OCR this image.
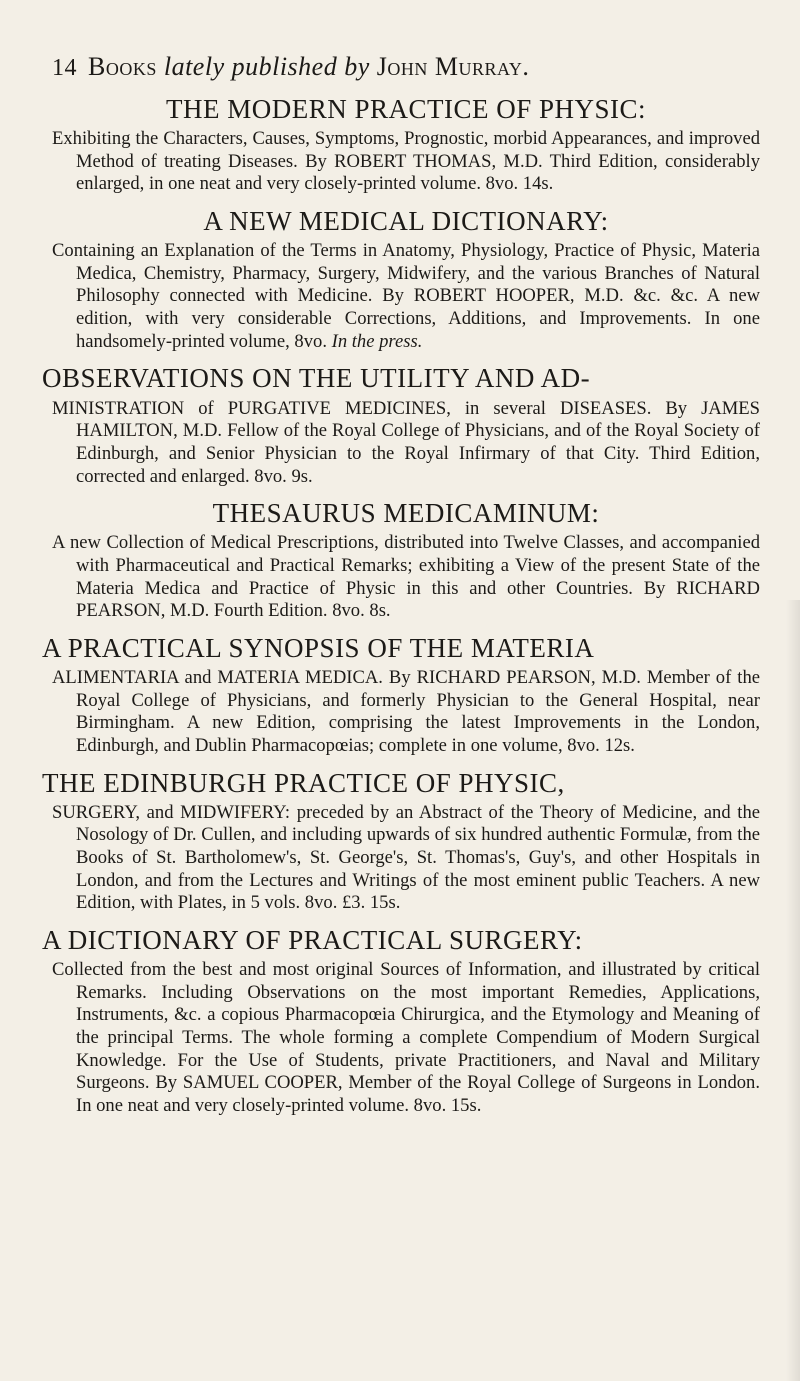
14 Books lately published by John Murray.
THE MODERN PRACTICE OF PHYSIC:
Exhibiting the Characters, Causes, Symptoms, Prognostic, morbid Appearances, and improved Method of treating Diseases. By ROBERT THOMAS, M.D. Third Edition, considerably enlarged, in one neat and very closely-printed volume. 8vo. 14s.
A NEW MEDICAL DICTIONARY:
Containing an Explanation of the Terms in Anatomy, Physiology, Practice of Physic, Materia Medica, Chemistry, Pharmacy, Surgery, Midwifery, and the various Branches of Natural Philosophy connected with Medicine. By ROBERT HOOPER, M.D. &c. &c. A new edition, with very considerable Corrections, Additions, and Improvements. In one handsomely-printed volume, 8vo. In the press.
OBSERVATIONS ON THE UTILITY AND AD-
MINISTRATION of PURGATIVE MEDICINES, in several DISEASES. By JAMES HAMILTON, M.D. Fellow of the Royal College of Physicians, and of the Royal Society of Edinburgh, and Senior Physician to the Royal Infirmary of that City. Third Edition, corrected and enlarged. 8vo. 9s.
THESAURUS MEDICAMINUM:
A new Collection of Medical Prescriptions, distributed into Twelve Classes, and accompanied with Pharmaceutical and Practical Remarks; exhibiting a View of the present State of the Materia Medica and Practice of Physic in this and other Countries. By RICHARD PEARSON, M.D. Fourth Edition. 8vo. 8s.
A PRACTICAL SYNOPSIS OF THE MATERIA
ALIMENTARIA and MATERIA MEDICA. By RICHARD PEARSON, M.D. Member of the Royal College of Physicians, and formerly Physician to the General Hospital, near Birmingham. A new Edition, comprising the latest Improvements in the London, Edinburgh, and Dublin Pharmacopœias; complete in one volume, 8vo. 12s.
THE EDINBURGH PRACTICE OF PHYSIC,
SURGERY, and MIDWIFERY: preceded by an Abstract of the Theory of Medicine, and the Nosology of Dr. Cullen, and including upwards of six hundred authentic Formulæ, from the Books of St. Bartholomew's, St. George's, St. Thomas's, Guy's, and other Hospitals in London, and from the Lectures and Writings of the most eminent public Teachers. A new Edition, with Plates, in 5 vols. 8vo. £3. 15s.
A DICTIONARY OF PRACTICAL SURGERY:
Collected from the best and most original Sources of Information, and illustrated by critical Remarks. Including Observations on the most important Remedies, Applications, Instruments, &c. a copious Pharmacopœia Chirurgica, and the Etymology and Meaning of the principal Terms. The whole forming a complete Compendium of Modern Surgical Knowledge. For the Use of Students, private Practitioners, and Naval and Military Surgeons. By SAMUEL COOPER, Member of the Royal College of Surgeons in London. In one neat and very closely-printed volume. 8vo. 15s.
